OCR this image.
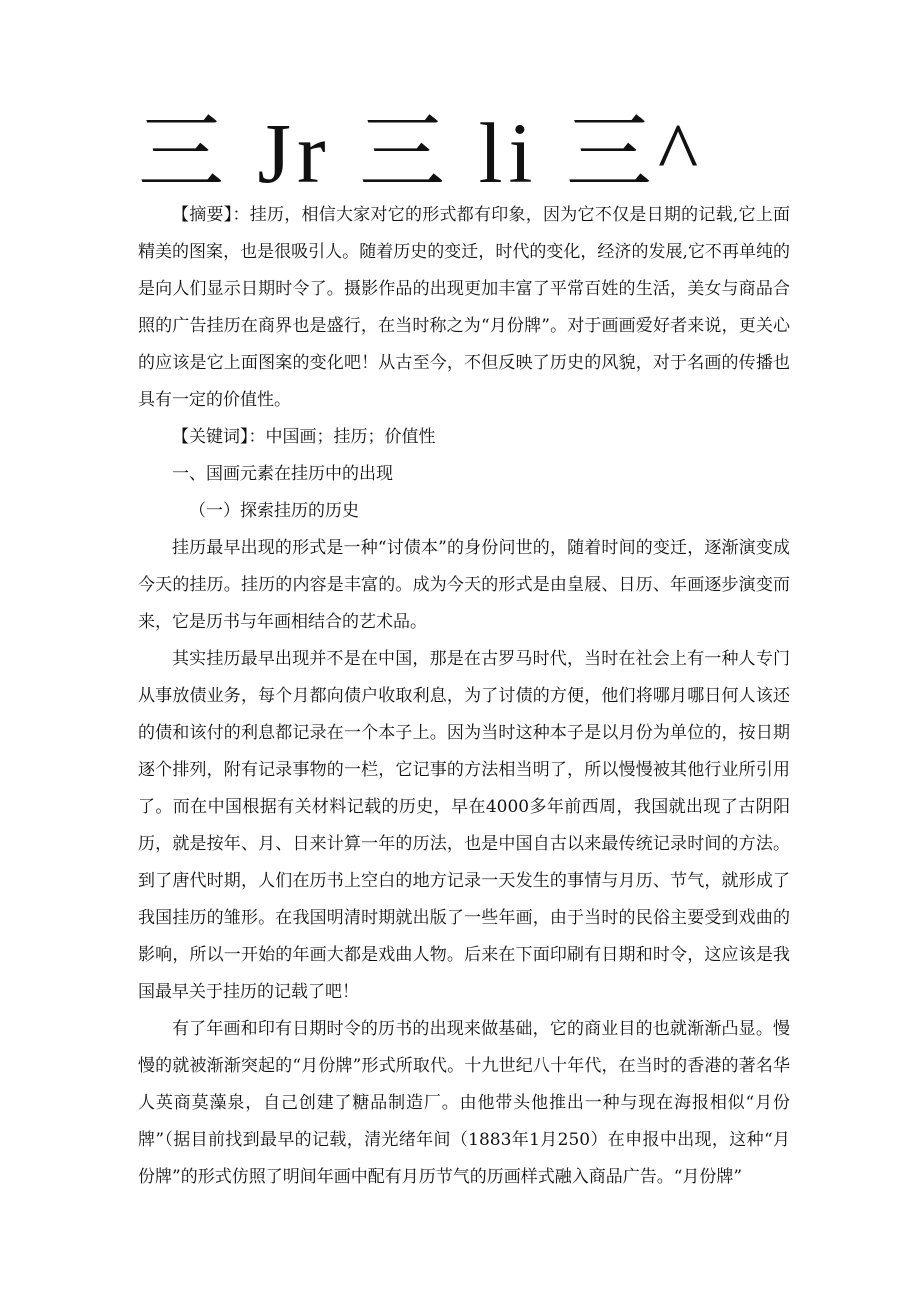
三 Jr 三 li 三^

【摘要】：挂历，相信大家对它的形式都有印象，因为它不仅是日期的记载,它上面精美的图案，也是很吸引人。随着历史的变迁，时代的变化，经济的发展,它不再单纯的是向人们显示日期时令了。摄影作品的出现更加丰富了平常百姓的生活，美女与商品合照的广告挂历在商界也是盛行，在当时称之为“月份牌”。对于画画爱好者来说，更关心的应该是它上面图案的变化吧！从古至今，不但反映了历史的风貌，对于名画的传播也具有一定的价值性。

【关键词】：中国画；挂历；价值性

一、国画元素在挂历中的出现

（一）探索挂历的历史

挂历最早出现的形式是一种“讨债本”的身份问世的，随着时间的变迁，逐渐演变成今天的挂历。挂历的内容是丰富的。成为今天的形式是由皇屐、日历、年画逐步演变而来，它是历书与年画相结合的艺术品。

其实挂历最早出现并不是在中国，那是在古罗马时代，当时在社会上有一种人专门从事放债业务，每个月都向债户收取利息，为了讨债的方便，他们将哪月哪日何人该还的债和该付的利息都记录在一个本子上。因为当时这种本子是以月份为单位的，按日期逐个排列，附有记录事物的一栏，它记事的方法相当明了，所以慢慢被其他行业所引用了。而在中国根据有关材料记载的历史，早在4000多年前西周，我国就出现了古阴阳历，就是按年、月、日来计算一年的历法，也是中国自古以来最传统记录时间的方法。到了唐代时期，人们在历书上空白的地方记录一天发生的事情与月历、节气，就形成了我国挂历的雏形。在我国明清时期就出版了一些年画，由于当时的民俗主要受到戏曲的影响，所以一开始的年画大都是戏曲人物。后来在下面印刷有日期和时令，这应该是我国最早关于挂历的记载了吧！

有了年画和印有日期时令的历书的出现来做基础，它的商业目的也就渐渐凸显。慢慢的就被渐渐突起的“月份牌”形式所取代。十九世纪八十年代，在当时的香港的著名华人英商莫藻泉，自己创建了糖品制造厂。由他带头他推出一种与现在海报相似“月份牌”（据目前找到最早的记载，清光绪年间（1883年1月250）在申报中出现，这种“月份牌”的形式仿照了明间年画中配有月历节气的历画样式融入商品广告。“月份牌”
